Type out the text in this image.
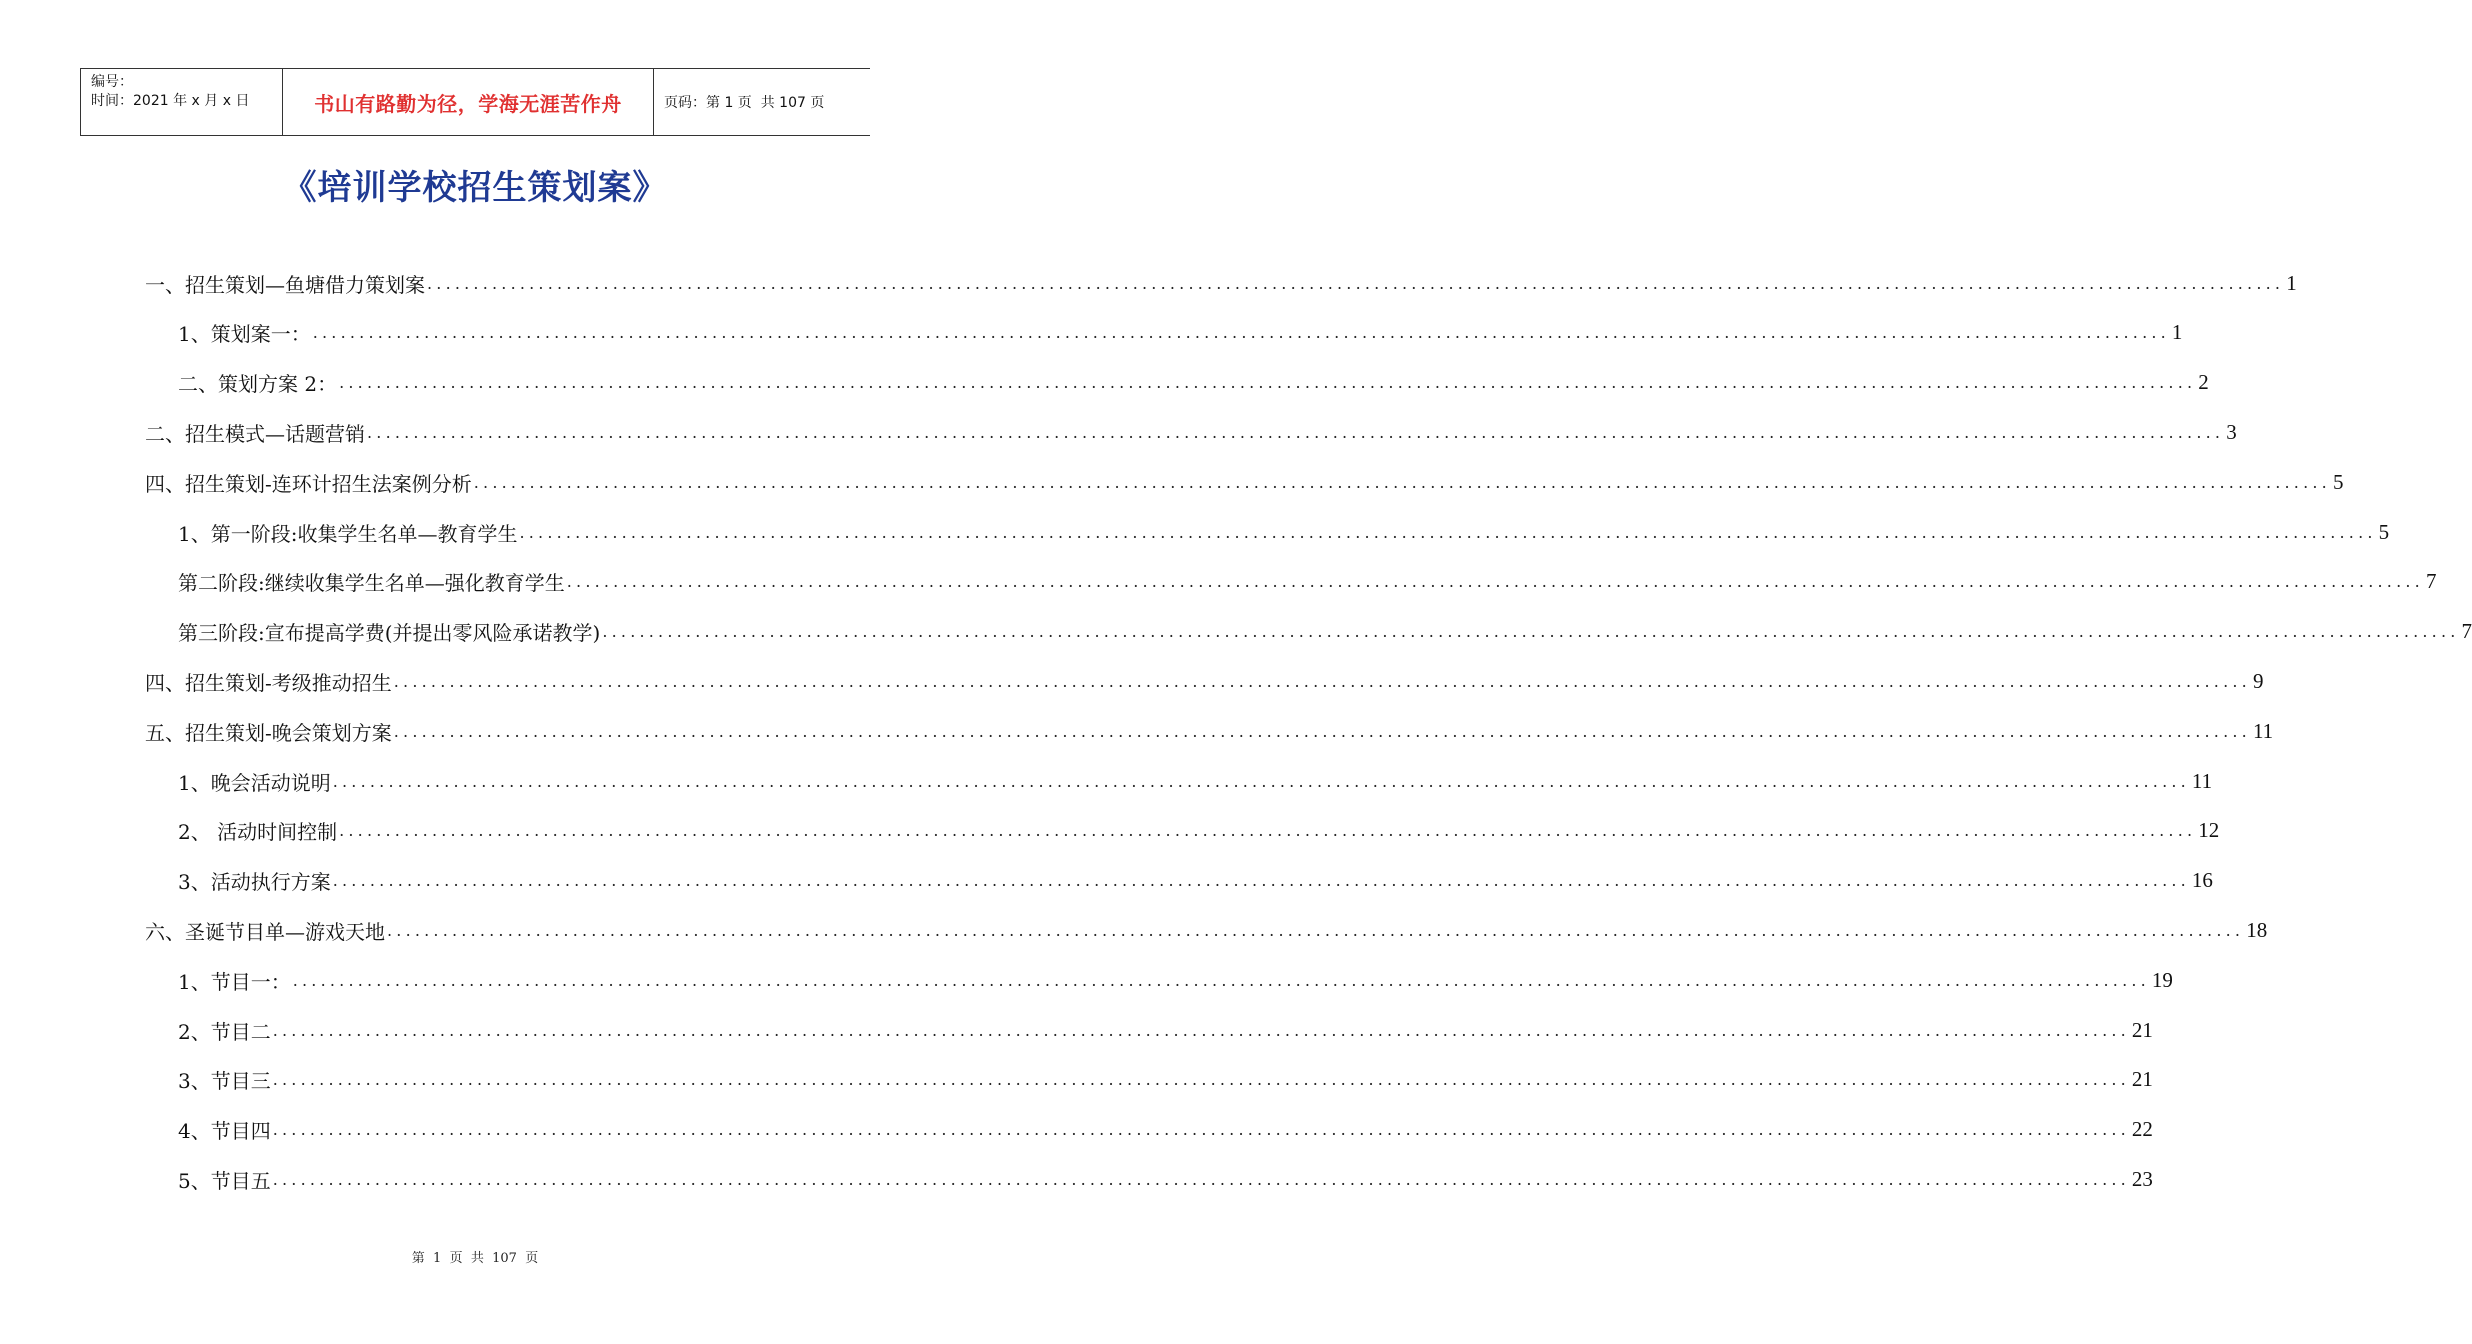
编号：
时间：2021 年 x 月 x 日	书山有路勤为径，学海无涯苦作舟	页码：第 1 页  共 107 页
《培训学校招生策划案》
一、招生策划—鱼塘借力策划案 ........................................................................................................................................................................................................ 1
1、策划案一： ........................................................................................................................................................................................................ 1
二、策划方案 2： ........................................................................................................................................................................................................ 2
二、招生模式—话题营销 ........................................................................................................................................................................................................ 3
四、招生策划-连环计招生法案例分析 ........................................................................................................................................................................................................ 5
1、第一阶段:收集学生名单—教育学生 ........................................................................................................................................................................................................ 5
第二阶段:继续收集学生名单—强化教育学生 ........................................................................................................................................................................................................ 7
第三阶段:宣布提高学费(并提出零风险承诺教学) ........................................................................................................................................................................................................ 7
四、招生策划-考级推动招生 ........................................................................................................................................................................................................ 9
五、招生策划-晚会策划方案 ........................................................................................................................................................................................................ 11
1、晚会活动说明 ........................................................................................................................................................................................................ 11
2、 活动时间控制 ........................................................................................................................................................................................................ 12
3、活动执行方案 ........................................................................................................................................................................................................ 16
六、圣诞节目单—游戏天地 ........................................................................................................................................................................................................ 18
1、节目一： ........................................................................................................................................................................................................ 19
2、节目二 ........................................................................................................................................................................................................ 21
3、节目三 ........................................................................................................................................................................................................ 21
4、节目四 ........................................................................................................................................................................................................ 22
5、节目五 ........................................................................................................................................................................................................ 23
第  1  页  共  107  页
